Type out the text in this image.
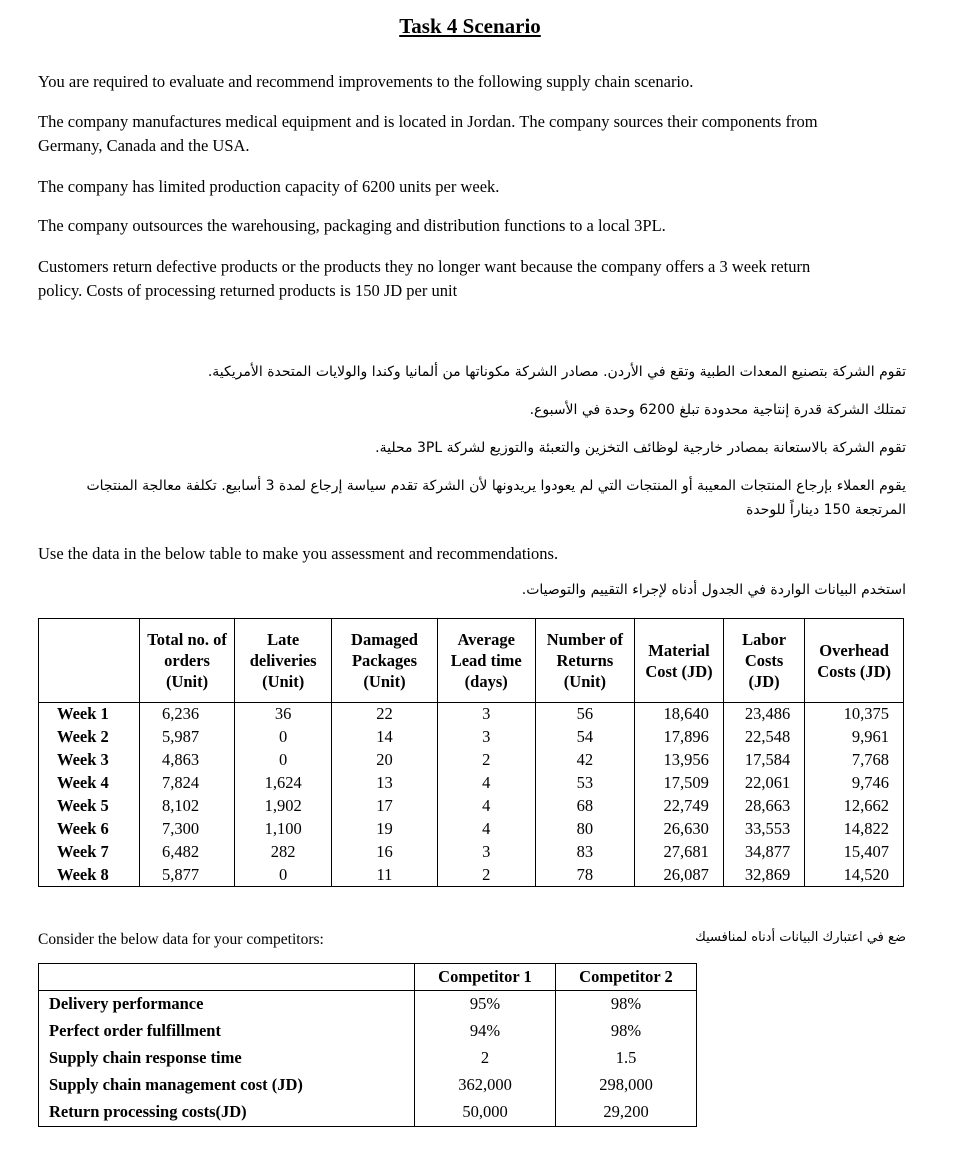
Task 4 Scenario

You are required to evaluate and recommend improvements to the following supply chain scenario.

The company manufactures medical equipment and is located in Jordan. The company sources their components from Germany, Canada and the USA.

The company has limited production capacity of 6200 units per week.

The company outsources the warehousing, packaging and distribution functions to a local 3PL.

Customers return defective products or the products they no longer want because the company offers a 3 week return policy. Costs of processing returned products is 150 JD per unit

تقوم الشركة بتصنيع المعدات الطبية وتقع في الأردن. مصادر الشركة مكوناتها من ألمانيا وكندا والولايات المتحدة الأمريكية.

تمتلك الشركة قدرة إنتاجية محدودة تبلغ 6200 وحدة في الأسبوع.

تقوم الشركة بالاستعانة بمصادر خارجية لوظائف التخزين والتعبئة والتوزيع لشركة 3PL محلية.

يقوم العملاء بإرجاع المنتجات المعيبة أو المنتجات التي لم يعودوا يريدونها لأن الشركة تقدم سياسة إرجاع لمدة 3 أسابيع. تكلفة معالجة المنتجات المرتجعة 150 ديناراً للوحدة

Use the data in the below table to make you assessment and recommendations.

استخدم البيانات الواردة في الجدول أدناه لإجراء التقييم والتوصيات.

	Total no. of orders (Unit)	Late deliveries (Unit)	Damaged Packages (Unit)	Average Lead time (days)	Number of Returns (Unit)	Material Cost (JD)	Labor Costs (JD)	Overhead Costs (JD)
Week 1	6,236	36	22	3	56	18,640	23,486	10,375
Week 2	5,987	0	14	3	54	17,896	22,548	9,961
Week 3	4,863	0	20	2	42	13,956	17,584	7,768
Week 4	7,824	1,624	13	4	53	17,509	22,061	9,746
Week 5	8,102	1,902	17	4	68	22,749	28,663	12,662
Week 6	7,300	1,100	19	4	80	26,630	33,553	14,822
Week 7	6,482	282	16	3	83	27,681	34,877	15,407
Week 8	5,877	0	11	2	78	26,087	32,869	14,520

Consider the below data for your competitors:	ضع في اعتبارك البيانات أدناه لمنافسيك

	Competitor 1	Competitor 2
Delivery performance	95%	98%
Perfect order fulfillment	94%	98%
Supply chain response time	2	1.5
Supply chain management cost (JD)	362,000	298,000
Return processing costs(JD)	50,000	29,200
